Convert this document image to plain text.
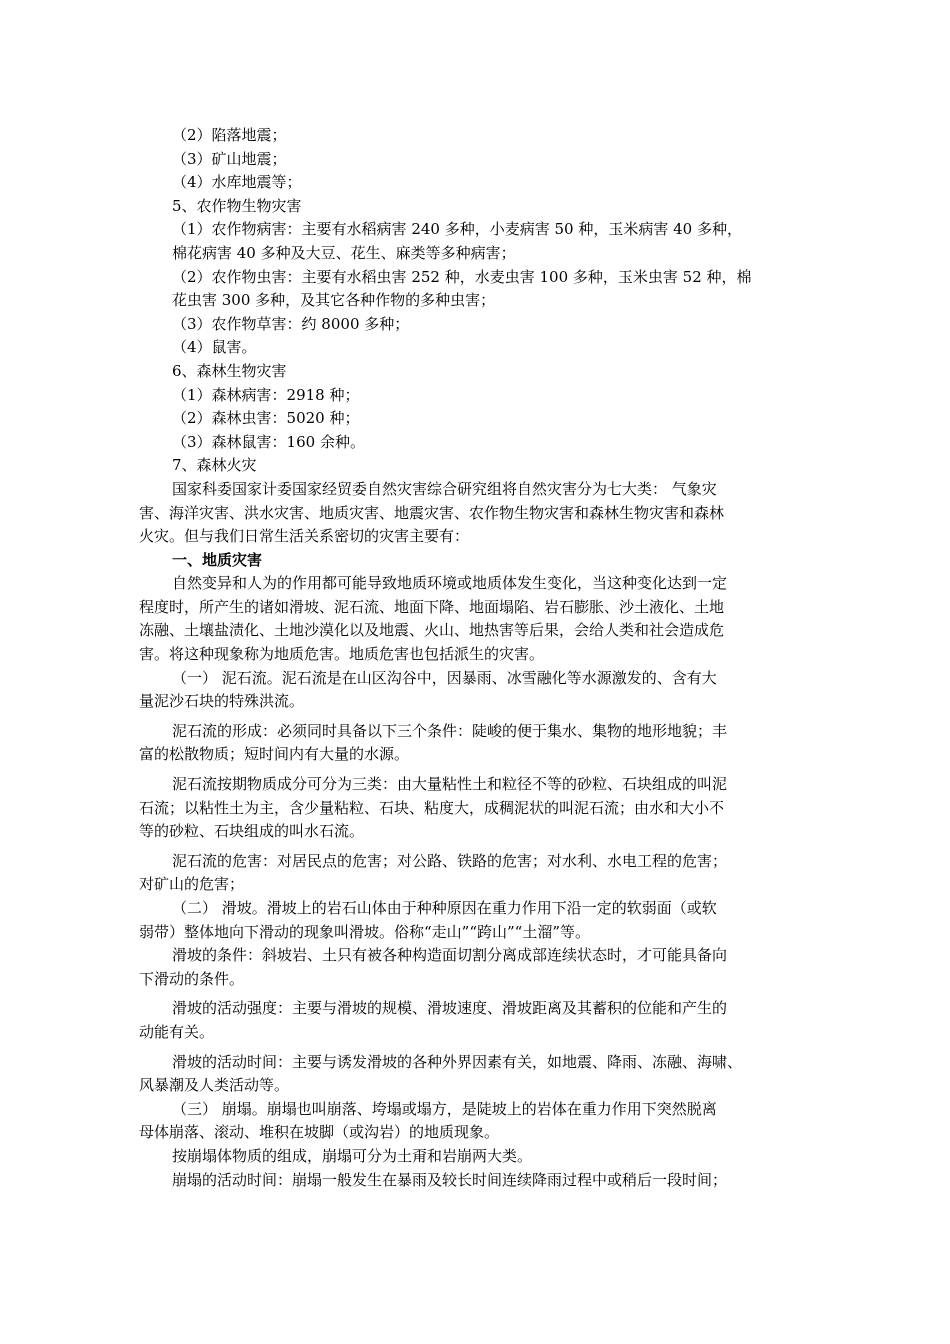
（2）陷落地震；
（3）矿山地震；
（4）水库地震等；
5、农作物生物灾害
（1）农作物病害：主要有水稻病害 240 多种，小麦病害 50 种，玉米病害 40 多种，
棉花病害 40 多种及大豆、花生、麻类等多种病害；
（2）农作物虫害：主要有水稻虫害 252 种，水麦虫害 100 多种，玉米虫害 52 种，棉
花虫害 300 多种，及其它各种作物的多种虫害；
（3）农作物草害：约 8000 多种；
（4）鼠害。
6、森林生物灾害
（1）森林病害：2918 种；
（2）森林虫害：5020 种；
（3）森林鼠害：160 余种。
7、森林火灾
国家科委国家计委国家经贸委自然灾害综合研究组将自然灾害分为七大类： 气象灾
害、海洋灾害、洪水灾害、地质灾害、地震灾害、农作物生物灾害和森林生物灾害和森林
火灾。但与我们日常生活关系密切的灾害主要有：
一、地质灾害
自然变异和人为的作用都可能导致地质环境或地质体发生变化，当这种变化达到一定
程度时，所产生的诸如滑坡、泥石流、地面下降、地面塌陷、岩石膨胀、沙土液化、土地
冻融、土壤盐渍化、土地沙漠化以及地震、火山、地热害等后果，会给人类和社会造成危
害。将这种现象称为地质危害。地质危害也包括派生的灾害。
（一） 泥石流。泥石流是在山区沟谷中，因暴雨、冰雪融化等水源激发的、含有大
量泥沙石块的特殊洪流。
泥石流的形成：必须同时具备以下三个条件：陡峻的便于集水、集物的地形地貌；丰
富的松散物质；短时间内有大量的水源。
泥石流按期物质成分可分为三类：由大量粘性土和粒径不等的砂粒、石块组成的叫泥
石流；以粘性土为主，含少量粘粒、石块、粘度大，成稠泥状的叫泥石流；由水和大小不
等的砂粒、石块组成的叫水石流。
泥石流的危害：对居民点的危害；对公路、铁路的危害；对水利、水电工程的危害；
对矿山的危害；
（二） 滑坡。滑坡上的岩石山体由于种种原因在重力作用下沿一定的软弱面（或软
弱带）整体地向下滑动的现象叫滑坡。俗称“走山”“跨山”“土溜”等。
滑坡的条件：斜坡岩、土只有被各种构造面切割分离成部连续状态时，才可能具备向
下滑动的条件。
滑坡的活动强度：主要与滑坡的规模、滑坡速度、滑坡距离及其蓄积的位能和产生的
动能有关。
滑坡的活动时间：主要与诱发滑坡的各种外界因素有关，如地震、降雨、冻融、海啸、
风暴潮及人类活动等。
（三） 崩塌。崩塌也叫崩落、垮塌或塌方，是陡坡上的岩体在重力作用下突然脱离
母体崩落、滚动、堆积在坡脚（或沟岩）的地质现象。
按崩塌体物质的组成，崩塌可分为土甭和岩崩两大类。
崩塌的活动时间：崩塌一般发生在暴雨及较长时间连续降雨过程中或稍后一段时间；
